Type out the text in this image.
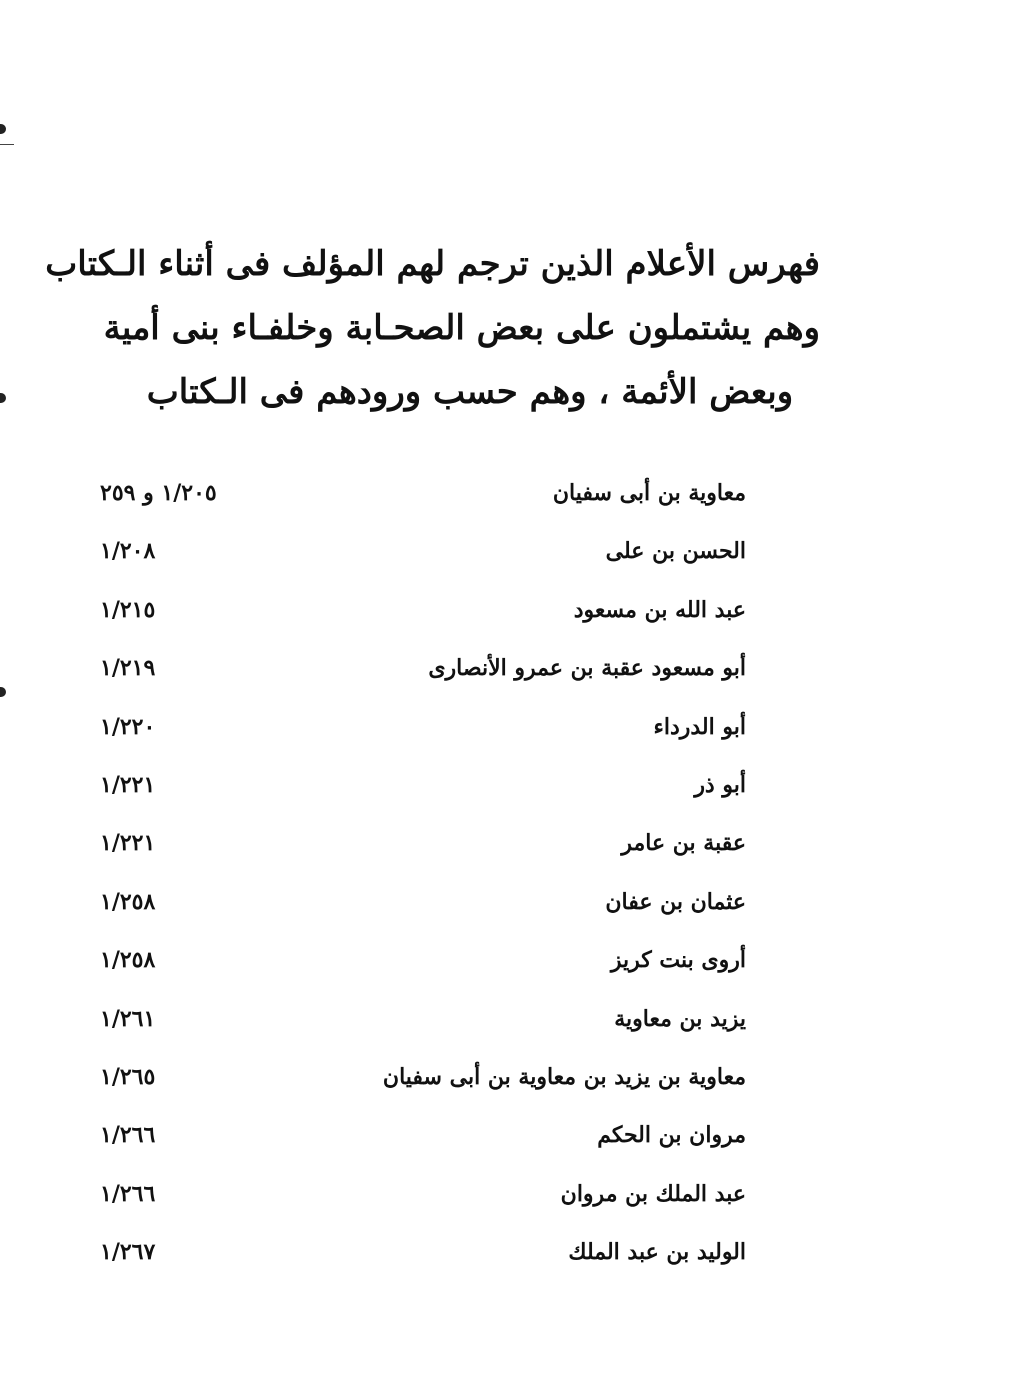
فهرس الأعلام الذين ترجم لهم المؤلف فى أثناء الـكتاب
وهم يشتملون على بعض الصحـابة وخلفـاء بنى أمية
وبعض الأئمة ، وهم حسب ورودهم فى الـكتاب
معاوية بن أبى سفيان
١/٢٠٥ و ٢٥٩
الحسن بن على
١/٢٠٨
عبد الله بن مسعود
١/٢١٥
أبو مسعود عقبة بن عمرو الأنصارى
١/٢١٩
أبو الدرداء
١/٢٢٠
أبو ذر
١/٢٢١
عقبة بن عامر
١/٢٢١
عثمان بن عفان
١/٢٥٨
أروى بنت كريز
١/٢٥٨
يزيد بن معاوية
١/٢٦١
معاوية بن يزيد بن معاوية بن أبى سفيان
١/٢٦٥
مروان بن الحكم
١/٢٦٦
عبد الملك بن مروان
١/٢٦٦
الوليد بن عبد الملك
١/٢٦٧
